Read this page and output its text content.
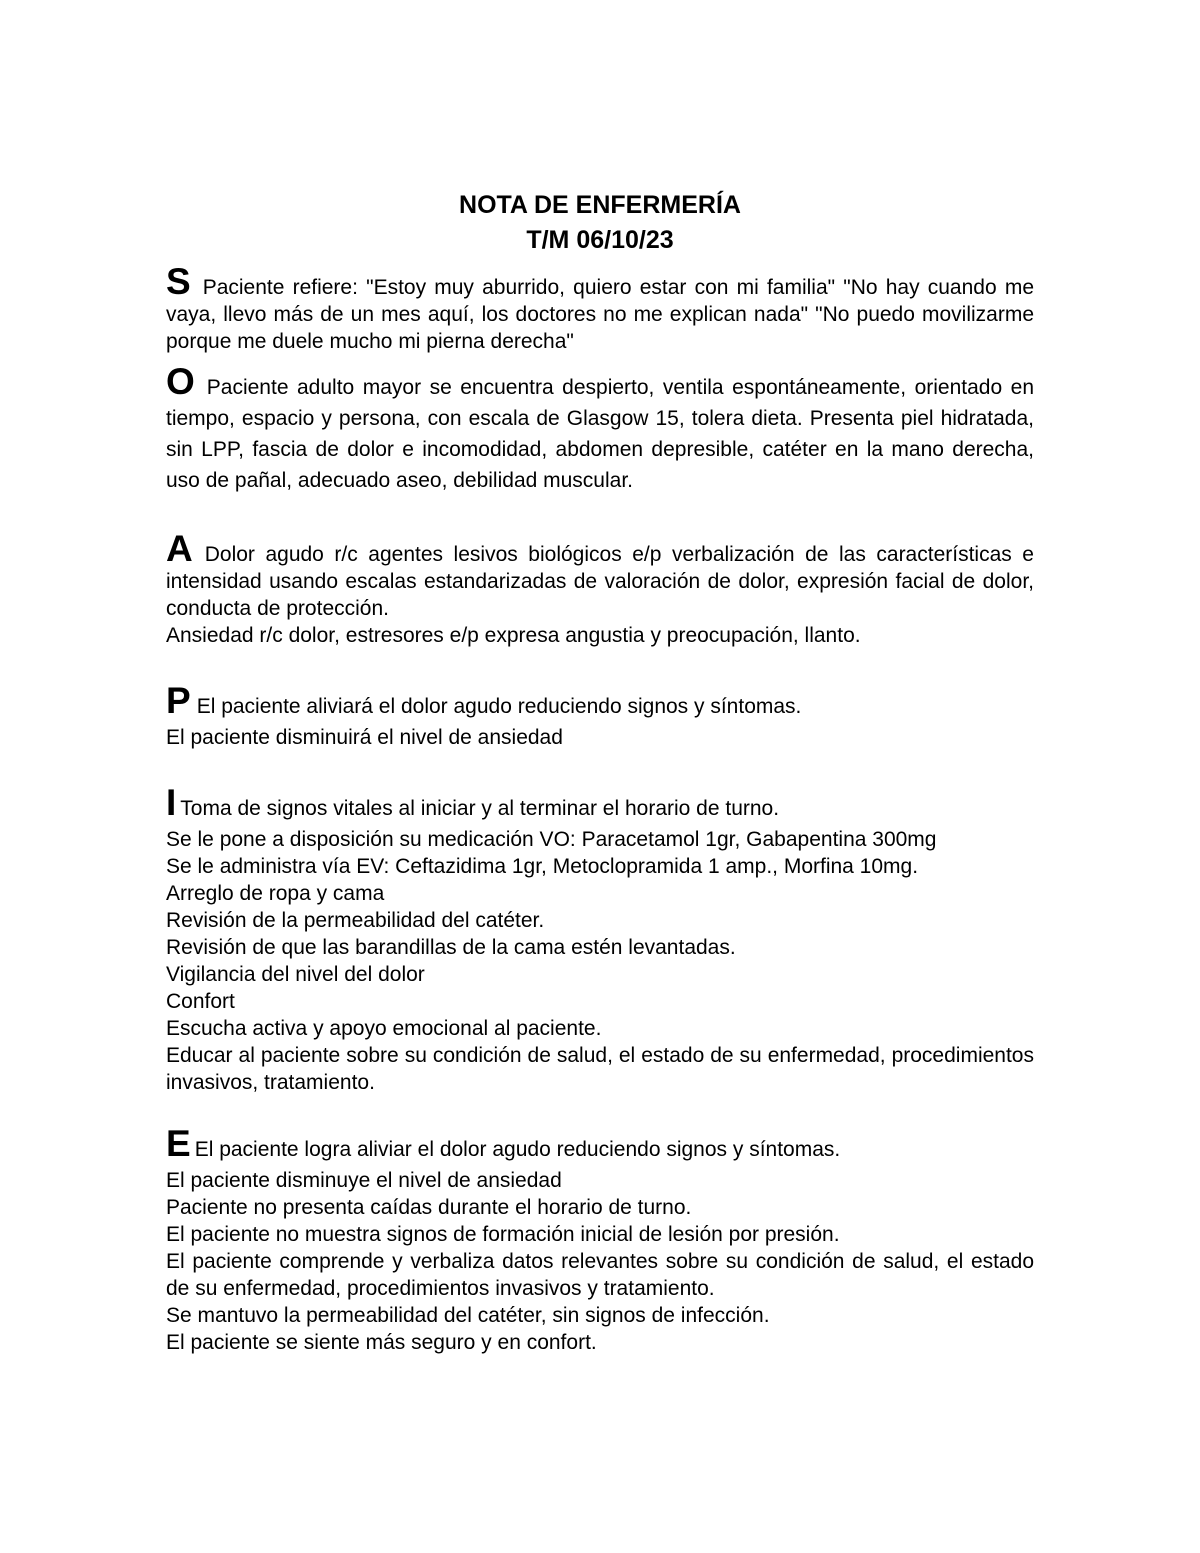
NOTA DE ENFERMERÍA
T/M 06/10/23

S Paciente refiere: "Estoy muy aburrido, quiero estar con mi familia" "No hay cuando me vaya, llevo más de un mes aquí, los doctores no me explican nada" "No puedo movilizarme porque me duele mucho mi pierna derecha"

O Paciente adulto mayor se encuentra despierto, ventila espontáneamente, orientado en tiempo, espacio y persona, con escala de Glasgow 15, tolera dieta. Presenta piel hidratada, sin LPP, fascia de dolor e incomodidad, abdomen depresible, catéter en la mano derecha, uso de pañal, adecuado aseo, debilidad muscular.

A Dolor agudo r/c agentes lesivos biológicos e/p verbalización de las características e intensidad usando escalas estandarizadas de valoración de dolor, expresión facial de dolor, conducta de protección.

Ansiedad r/c dolor, estresores e/p expresa angustia y preocupación, llanto.

P El paciente aliviará el dolor agudo reduciendo signos y síntomas.

El paciente disminuirá el nivel de ansiedad

I Toma de signos vitales al iniciar y al terminar el horario de turno.

Se le pone a disposición su medicación VO: Paracetamol 1gr, Gabapentina 300mg

Se le administra vía EV: Ceftazidima 1gr, Metoclopramida 1 amp., Morfina 10mg.

Arreglo de ropa y cama

Revisión de la permeabilidad del catéter.

Revisión de que las barandillas de la cama estén levantadas.

Vigilancia del nivel del dolor

Confort

Escucha activa y apoyo emocional al paciente.

Educar al paciente sobre su condición de salud, el estado de su enfermedad, procedimientos invasivos, tratamiento.

E El paciente logra aliviar el dolor agudo reduciendo signos y síntomas.

El paciente disminuye el nivel de ansiedad

Paciente no presenta caídas durante el horario de turno.

El paciente no muestra signos de formación inicial de lesión por presión.

El paciente comprende y verbaliza datos relevantes sobre su condición de salud, el estado de su enfermedad, procedimientos invasivos y tratamiento.

Se mantuvo la permeabilidad del catéter, sin signos de infección.

El paciente se siente más seguro y en confort.
